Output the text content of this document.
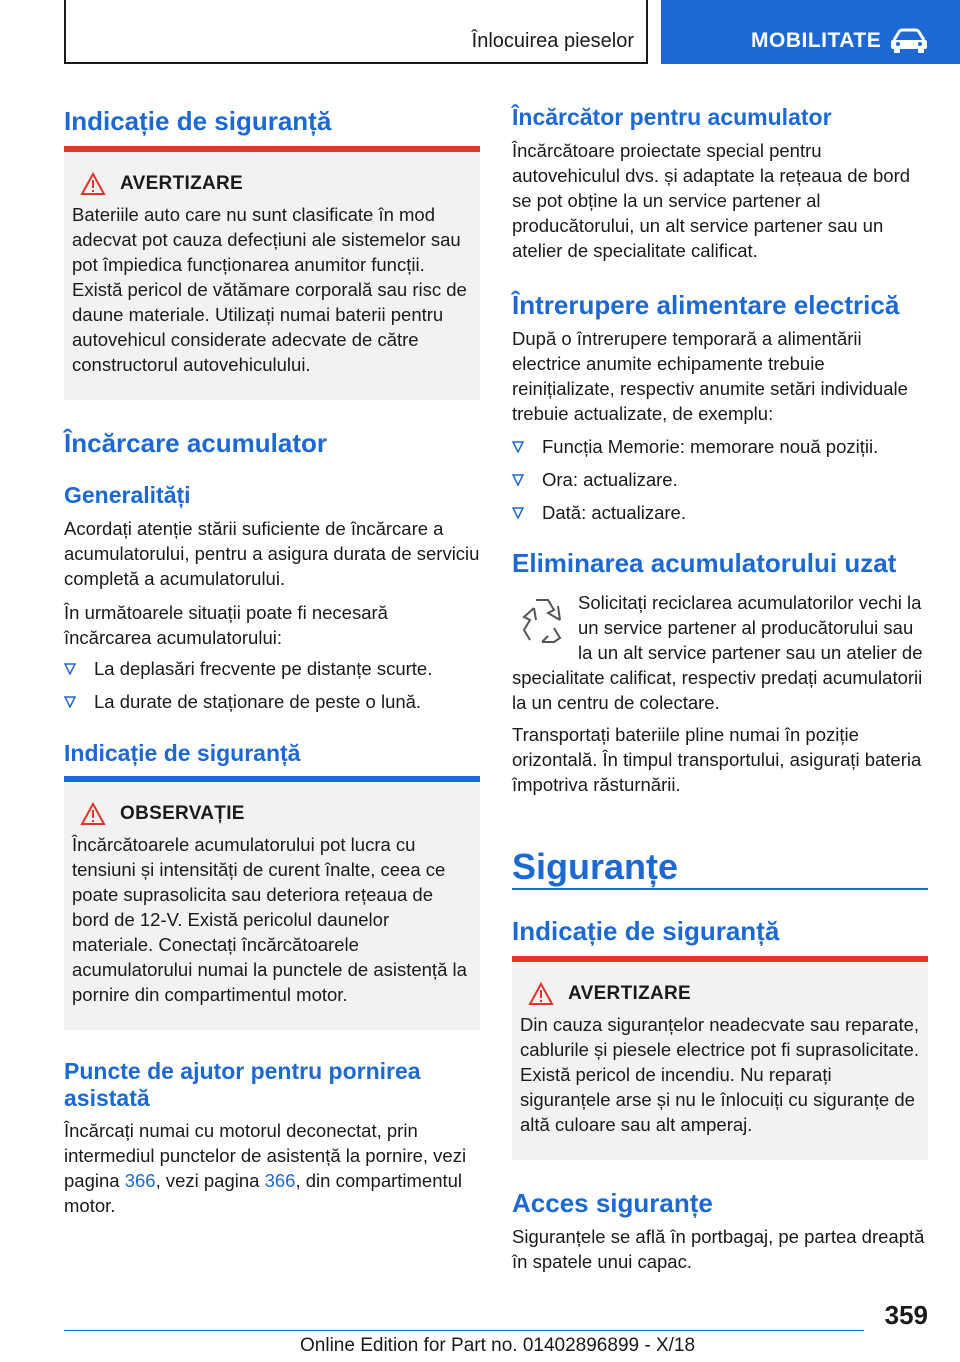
Înlocuirea pieselor	MOBILITATE
Indicație de siguranță
AVERTIZARE

Bateriile auto care nu sunt clasificate în mod adecvat pot cauza defecțiuni ale sistemelor sau pot împiedica funcționarea anumitor funcții. Există pericol de vătămare corporală sau risc de daune materiale. Utilizați numai baterii pentru autovehicul considerate adecvate de către constructorul autovehiculului.

Încărcare acumulator
Generalități

Acordați atenție stării suficiente de încărcare a acumulatorului, pentru a asigura durata de serviciu completă a acumulatorului.

În următoarele situații poate fi necesară încărcarea acumulatorului:

La deplasări frecvente pe distanțe scurte.
La durate de staționare de peste o lună.
Indicație de siguranță
OBSERVAȚIE

Încărcătoarele acumulatorului pot lucra cu tensiuni și intensități de curent înalte, ceea ce poate suprasolicita sau deteriora rețeaua de bord de 12-V. Există pericolul daunelor materiale. Conectați încărcătoarele acumulatorului numai la punctele de asistență la pornire din compartimentul motor.

Puncte de ajutor pentru pornirea asistată

Încărcați numai cu motorul deconectat, prin intermediul punctelor de asistență la pornire, vezi pagina 366, vezi pagina 366, din compartimentul motor.

Încărcător pentru acumulator

Încărcătoare proiectate special pentru autovehiculul dvs. și adaptate la rețeaua de bord se pot obține la un service partener al producătorului, un alt service partener sau un atelier de specialitate calificat.

Întrerupere alimentare electrică

După o întrerupere temporară a alimentării electrice anumite echipamente trebuie reinițializate, respectiv anumite setări individuale trebuie actualizate, de exemplu:

Funcția Memorie: memorare nouă poziții.
Ora: actualizare.
Dată: actualizare.
Eliminarea acumulatorului uzat

Solicitați reciclarea acumulatorilor vechi la un service partener al producătorului sau la un alt service partener sau un atelier de specialitate calificat, respectiv predați acumulatorii la un centru de colectare.

Transportați bateriile pline numai în poziție orizontală. În timpul transportului, asigurați bateria împotriva răsturnării.

Siguranțe
Indicație de siguranță
AVERTIZARE

Din cauza siguranțelor neadecvate sau reparate, cablurile și piesele electrice pot fi suprasolicitate. Există pericol de incendiu. Nu reparați siguranțele arse și nu le înlocuiți cu siguranțe de altă culoare sau alt amperaj.

Acces siguranțe

Siguranțele se află în portbagaj, pe partea dreaptă în spatele unui capac.

359
Online Edition for Part no. 01402896899 - X/18
